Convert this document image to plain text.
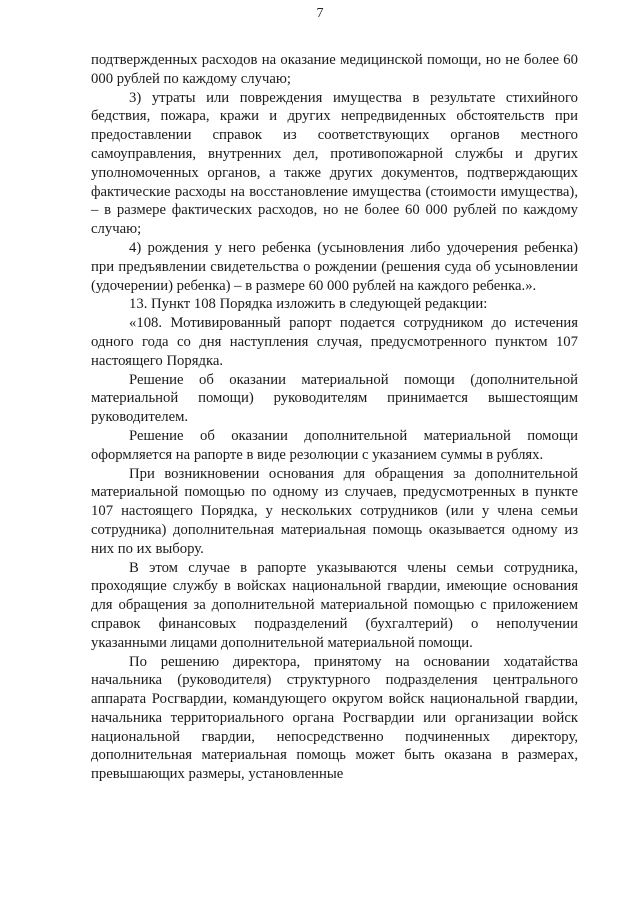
7

подтвержденных расходов на оказание медицинской помощи, но не более 60 000 рублей по каждому случаю;

3) утраты или повреждения имущества в результате стихийного бедствия, пожара, кражи и других непредвиденных обстоятельств при предоставлении справок из соответствующих органов местного самоуправления, внутренних дел, противопожарной службы и других уполномоченных органов, а также других документов, подтверждающих фактические расходы на восстановление имущества (стоимости имущества), – в размере фактических расходов, но не более 60 000 рублей по каждому случаю;

4) рождения у него ребенка (усыновления либо удочерения ребенка) при предъявлении свидетельства о рождении (решения суда об усыновлении (удочерении) ребенка) – в размере 60 000 рублей на каждого ребенка.».

13. Пункт 108 Порядка изложить в следующей редакции:

«108. Мотивированный рапорт подается сотрудником до истечения одного года со дня наступления случая, предусмотренного пунктом 107 настоящего Порядка.

Решение об оказании материальной помощи (дополнительной материальной помощи) руководителям принимается вышестоящим руководителем.

Решение об оказании дополнительной материальной помощи оформляется на рапорте в виде резолюции с указанием суммы в рублях.

При возникновении основания для обращения за дополнительной материальной помощью по одному из случаев, предусмотренных в пункте 107 настоящего Порядка, у нескольких сотрудников (или у члена семьи сотрудника) дополнительная материальная помощь оказывается одному из них по их выбору.

В этом случае в рапорте указываются члены семьи сотрудника, проходящие службу в войсках национальной гвардии, имеющие основания для обращения за дополнительной материальной помощью с приложением справок финансовых подразделений (бухгалтерий) о неполучении указанными лицами дополнительной материальной помощи.

По решению директора, принятому на основании ходатайства начальника (руководителя) структурного подразделения центрального аппарата Росгвардии, командующего округом войск национальной гвардии, начальника территориального органа Росгвардии или организации войск национальной гвардии, непосредственно подчиненных директору, дополнительная материальная помощь может быть оказана в размерах, превышающих размеры, установленные
